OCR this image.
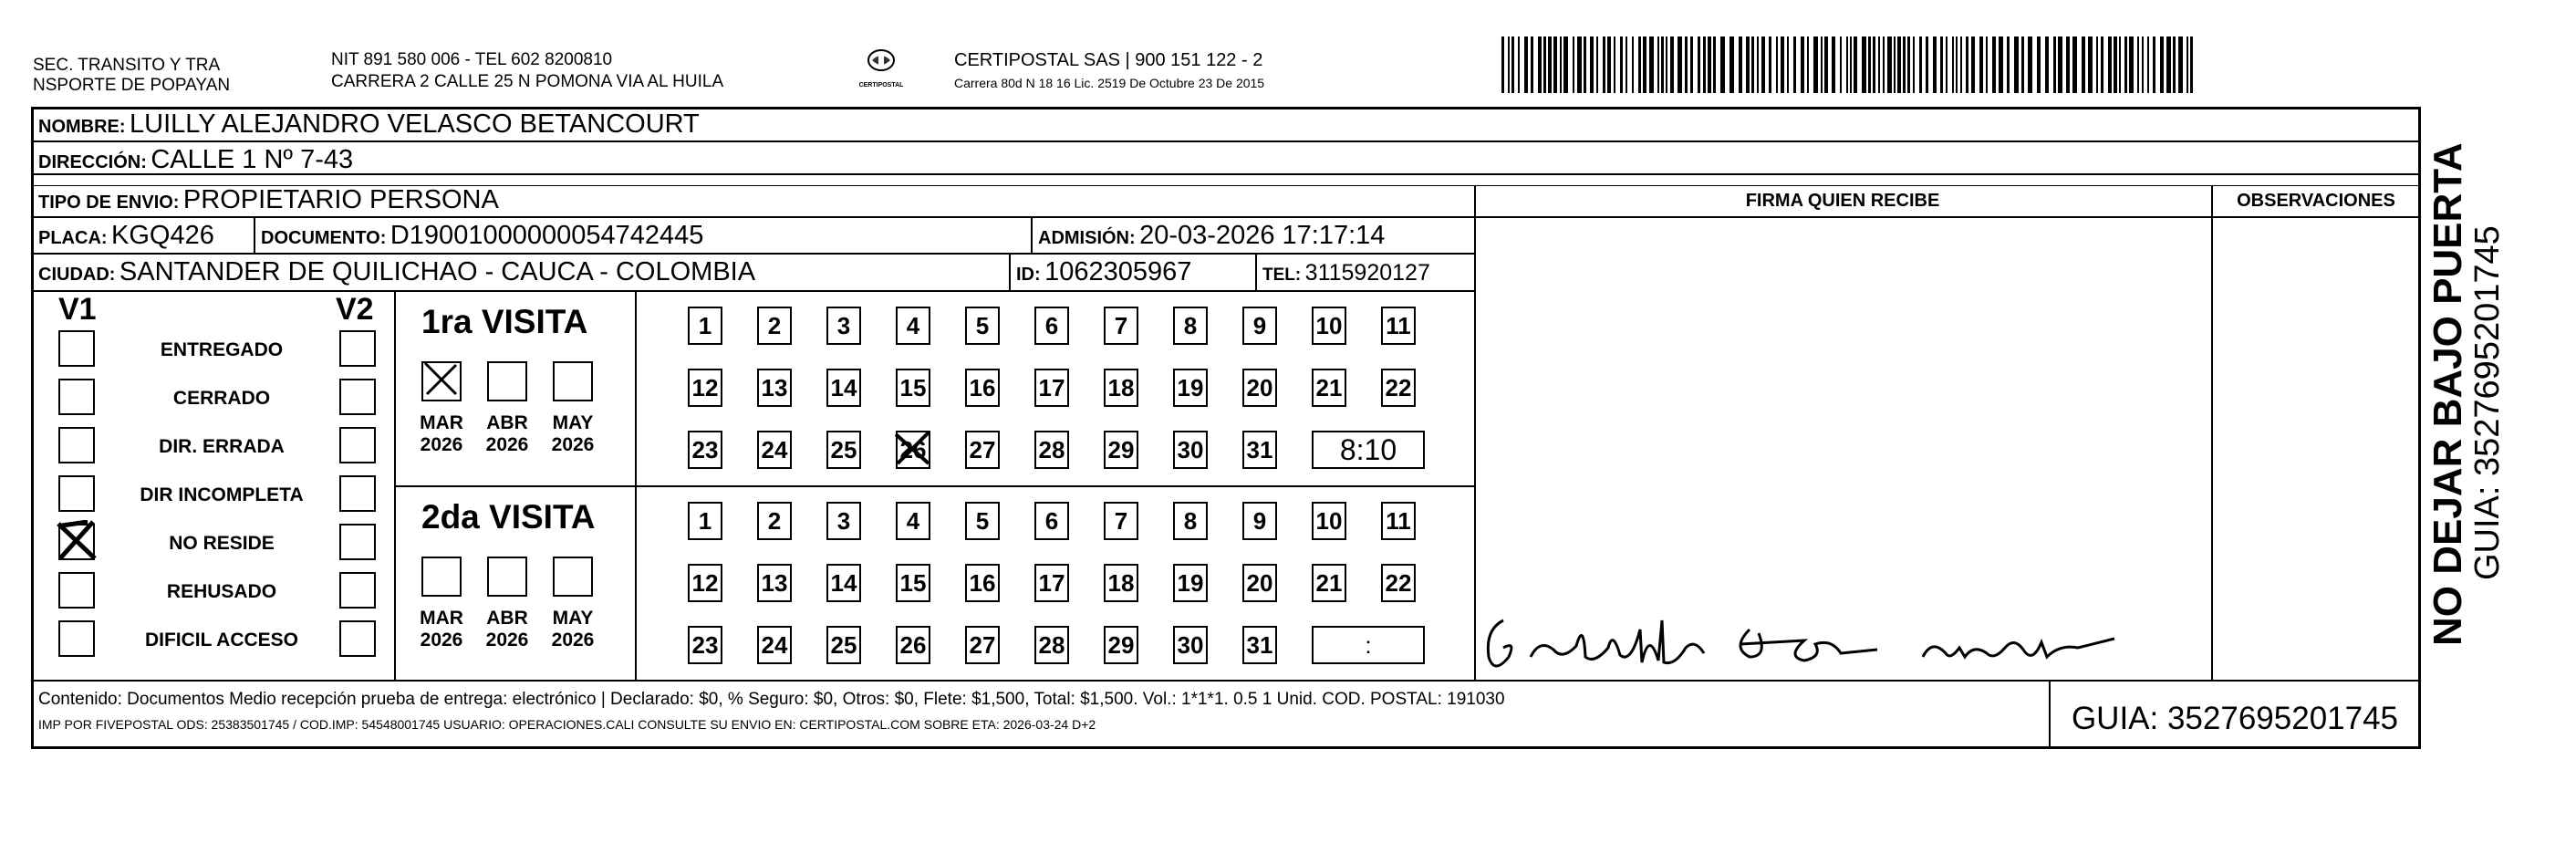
SEC. TRANSITO Y TRA
NSPORTE DE POPAYAN
NIT 891 580 006 - TEL 602 8200810
CARRERA 2 CALLE 25 N POMONA VIA AL HUILA	CERTIPOSTAL
CERTIPOSTAL SAS | 900 151 122 - 2
Carrera 80d N 18 16 Lic. 2519 De Octubre 23 De 2015
NOMBRE: LUILLY ALEJANDRO VELASCO BETANCOURT
DIRECCIÓN: CALLE 1 Nº 7-43
TIPO DE ENVIO: PROPIETARIO PERSONA
PLACA: KGQ426	DOCUMENTO: D19001000000054742445	ADMISIÓN: 20-03-2026 17:17:14
CIUDAD: SANTANDER DE QUILICHAO - CAUCA - COLOMBIA	ID: 1062305967	TEL: 3115920127
FIRMA QUIEN RECIBE	OBSERVACIONES
V1	V2
ENTREGADO
CERRADO
DIR. ERRADA
DIR INCOMPLETA
NO RESIDE
REHUSADO
DIFICIL ACCESO
1ra VISITA
MAR
2026
ABR
2026
MAY
2026
1	2	3	4	5	6	7	8	9	10 11
12 13 14 15 16 17 18 19 20 21 22
23 24 25 26 27 28 29 30 31	8:10
2da VISITA
MAR
2026
ABR
2026
MAY
2026
1	2	3	4	5	6	7	8	9	10 11
12 13 14 15 16 17 18 19 20 21 22
23 24 25 26 27 28 29 30 31	:
Contenido: Documentos Medio recepción prueba de entrega: electrónico | Declarado: $0, % Seguro: $0, Otros: $0, Flete: $1,500, Total: $1,500. Vol.: 1*1*1. 0.5 1 Unid. COD. POSTAL: 191030
IMP POR FIVEPOSTAL ODS: 25383501745 / COD.IMP: 54548001745 USUARIO: OPERACIONES.CALI CONSULTE SU ENVIO EN: CERTIPOSTAL.COM SOBRE ETA: 2026-03-24 D+2	GUIA: 3527695201745
NO DEJAR BAJO PUERTA
GUIA: 3527695201745
